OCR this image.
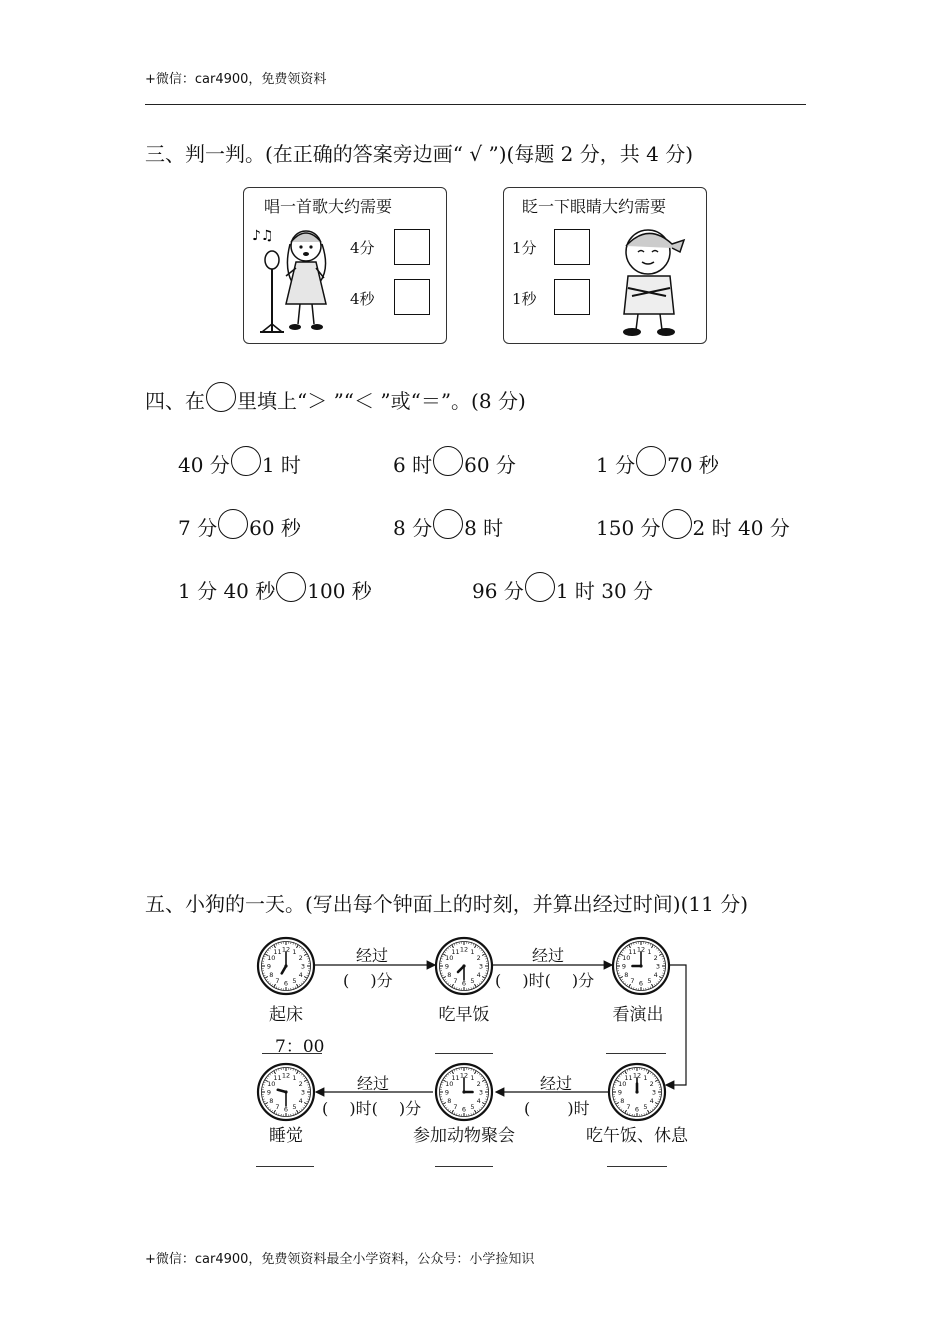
+微信：car4900，免费领资料
三、判一判。(在正确的答案旁边画“ √ ”)(每题 2 分，共 4 分)
唱一首歌大约需要
♪♫
4分
4秒
眨一下眼睛大约需要
1分
1秒
四、在 里填上“＞ ”“＜ ”或“＝”。(8 分)
40 分 1 时	6 时 60 分	1 分 70 秒
7 分 60 秒	8 分 8 时	150 分 2 时 40 分
1 分 40 秒 100 秒	96 分 1 时 30 分
五、小狗的一天。(写出每个钟面上的时刻，并算出经过时间)(11 分)
经过
(　 )分
经过
(　 )时(　 )分
经过
(　　 )时
经过
(　 )时(　 )分
1
2
3
4
5
6
7
8
9
10
11 12	1
2
3
4
5
6
7
8
9
10
11 12	1
2
3
4
5
6
7
8
9
10
11 12
1
2
3
4
5
6
7
8
9
10
11 12
1
2
3
4
5
6
7
8
9
10
11 12
1
2
3
4
5
6
7
8
9
10
11 12
起床	吃早饭	看演出
吃午饭、休息
参加动物聚会
睡觉
7：00
+微信：car4900，免费领资料最全小学资料，公众号：小学捡知识
